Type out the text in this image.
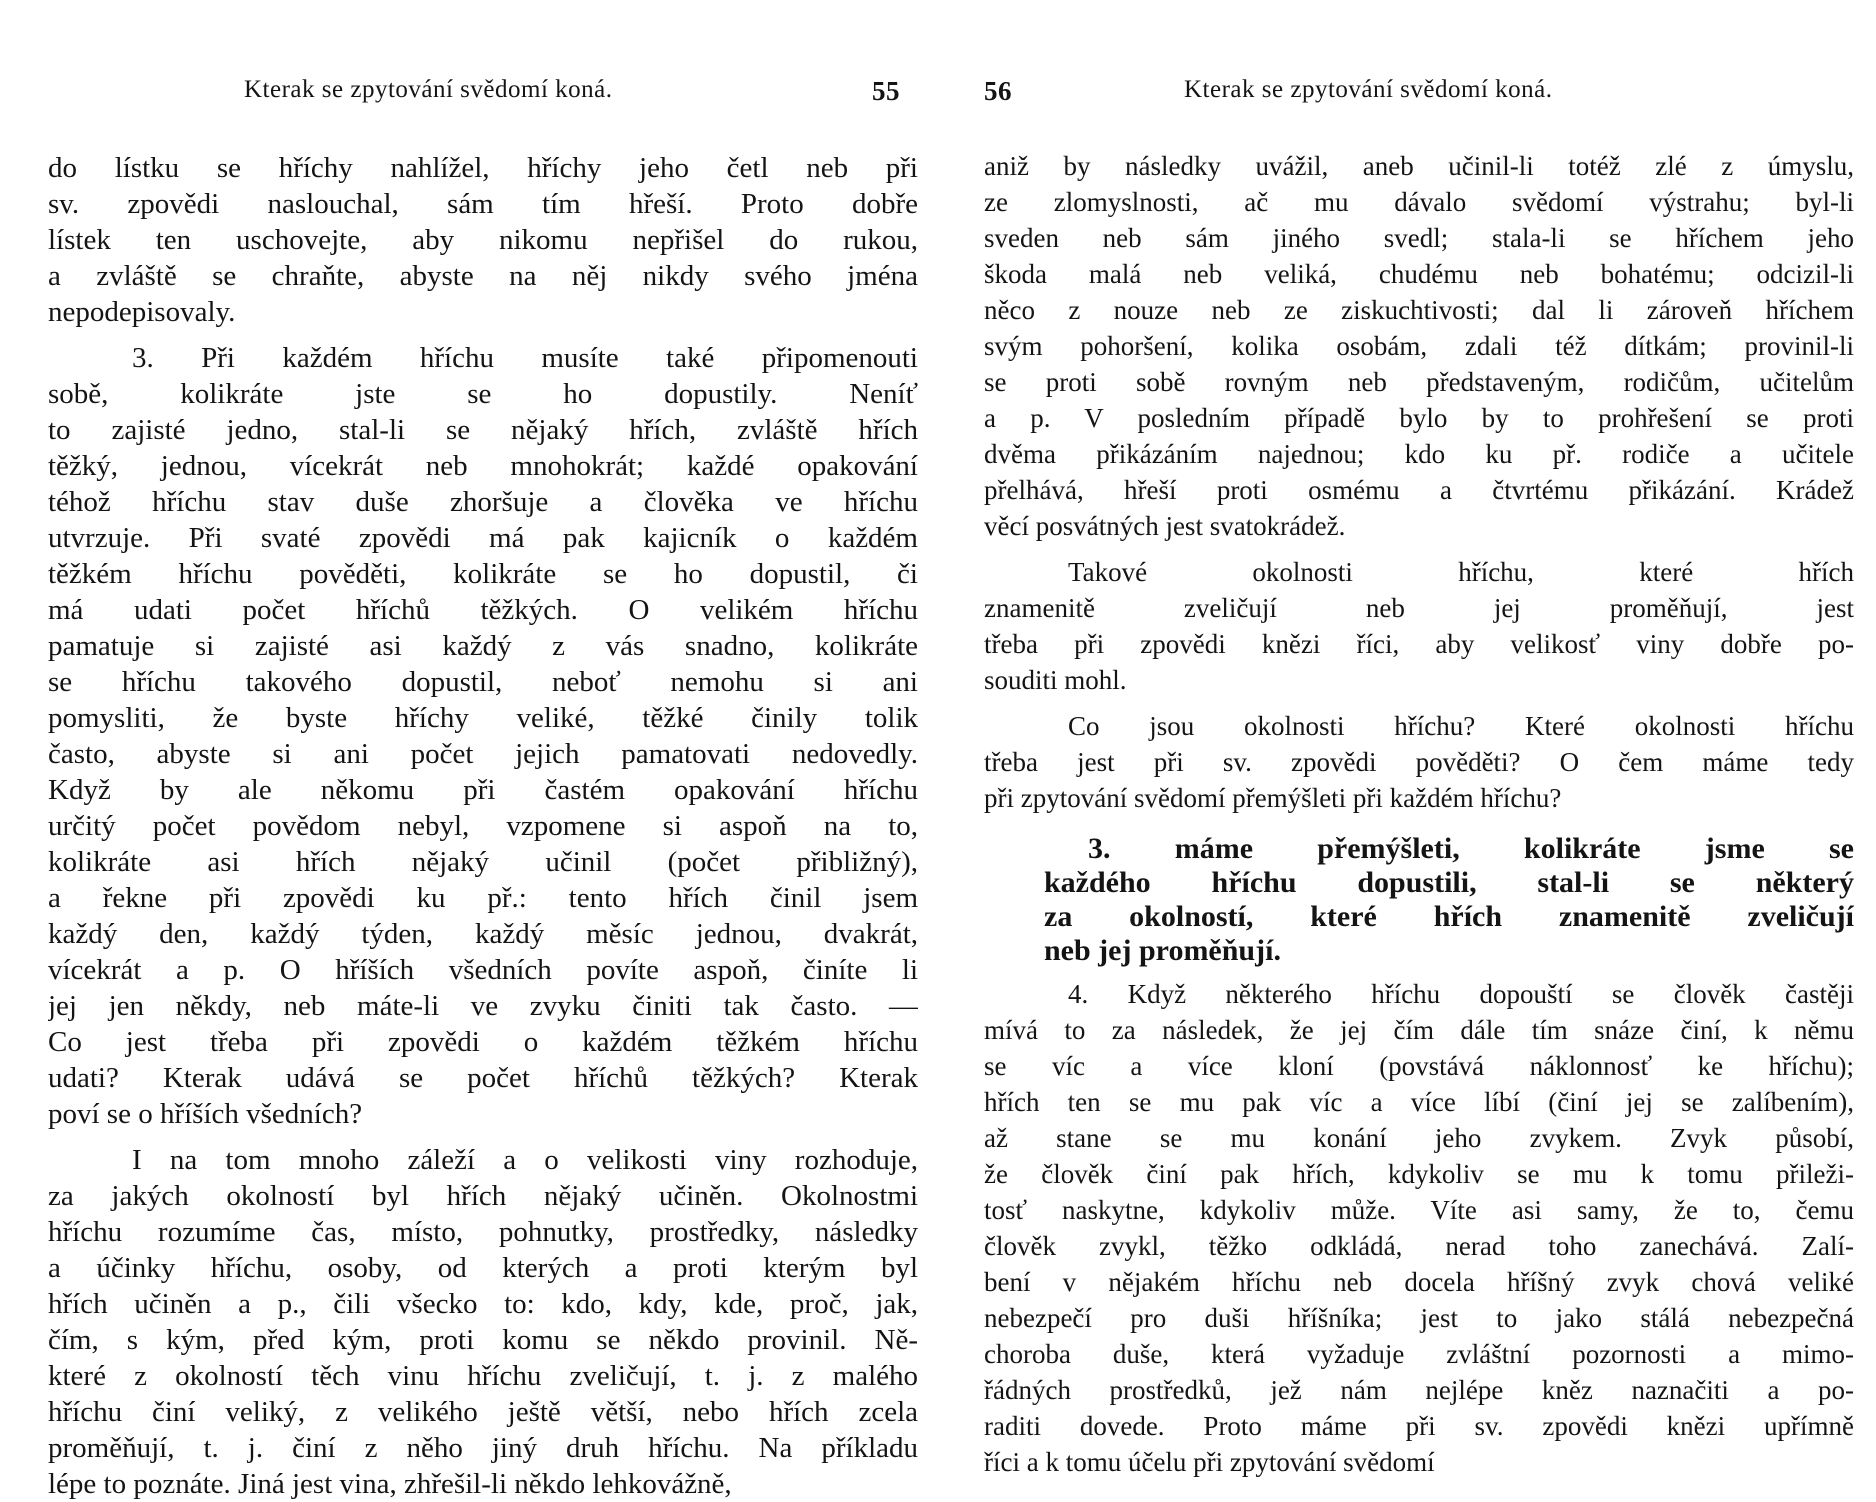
Kterak se zpytování svědomí koná.	55
do lístku se hříchy nahlížel, hříchy jeho četl neb při
sv. zpovědi naslouchal, sám tím hřeší. Proto dobře
lístek ten uschovejte, aby nikomu nepřišel do rukou,
a zvláště se chraňte, abyste na něj nikdy svého jména
nepodepisovaly.
3. Při každém hříchu musíte také připomenouti
sobě, kolikráte jste se ho dopustily. Neníť
to zajisté jedno, stal-li se nějaký hřích, zvláště hřích
těžký, jednou, vícekrát neb mnohokrát; každé opakování
téhož hříchu stav duše zhoršuje a člověka ve hříchu
utvrzuje. Při svaté zpovědi má pak kajicník o každém
těžkém hříchu pověděti, kolikráte se ho dopustil, či
má udati počet hříchů těžkých. O velikém hříchu
pamatuje si zajisté asi každý z vás snadno, kolikráte
se hříchu takového dopustil, neboť nemohu si ani
pomysliti, že byste hříchy veliké, těžké činily tolik
často, abyste si ani počet jejich pamatovati nedovedly.
Když by ale někomu při častém opakování hříchu
určitý počet povědom nebyl, vzpomene si aspoň na to,
kolikráte asi hřích nějaký učinil (počet přibližný),
a řekne při zpovědi ku př.: tento hřích činil jsem
každý den, každý týden, každý měsíc jednou, dvakrát,
vícekrát a p. O hříších všedních povíte aspoň, činíte li
jej jen někdy, neb máte-li ve zvyku činiti tak často. —
Co jest třeba při zpovědi o každém těžkém hříchu
udati? Kterak udává se počet hříchů těžkých? Kterak
poví se o hříších všedních?
I na tom mnoho záleží a o velikosti viny rozhoduje,
za jakých okolností byl hřích nějaký učiněn. Okolnostmi
hříchu rozumíme čas, místo, pohnutky, prostředky, následky
a účinky hříchu, osoby, od kterých a proti kterým byl
hřích učiněn a p., čili všecko to: kdo, kdy, kde, proč, jak,
čím, s kým, před kým, proti komu se někdo provinil. Ně-
které z okolností těch vinu hříchu zveličují, t. j. z malého
hříchu činí veliký, z velikého ještě větší, nebo hřích zcela
proměňují, t. j. činí z něho jiný druh hříchu. Na příkladu
lépe to poznáte. Jiná jest vina, zhřešil-li někdo lehkovážně,
56	Kterak se zpytování svědomí koná.
aniž by následky uvážil, aneb učinil-li totéž zlé z úmyslu,
ze zlomyslnosti, ač mu dávalo svědomí výstrahu; byl-li
sveden neb sám jiného svedl; stala-li se hříchem jeho
škoda malá neb veliká, chudému neb bohatému; odcizil-li
něco z nouze neb ze ziskuchtivosti; dal li zároveň hříchem
svým pohoršení, kolika osobám, zdali též dítkám; provinil-li
se proti sobě rovným neb představeným, rodičům, učitelům
a p. V posledním případě bylo by to prohřešení se proti
dvěma přikázáním najednou; kdo ku př. rodiče a učitele
přelhává, hřeší proti osmému a čtvrtému přikázání. Krádež
věcí posvátných jest svatokrádež.
Takové okolnosti hříchu, které hřích
znamenitě zveličují neb jej proměňují, jest
třeba při zpovědi knězi říci, aby velikosť viny dobře po-
souditi mohl.
Co jsou okolnosti hříchu? Které okolnosti hříchu
třeba jest při sv. zpovědi pověděti? O čem máme tedy
při zpytování svědomí přemýšleti při každém hříchu?
3. máme přemýšleti, kolikráte jsme se
každého hříchu dopustili, stal-li se některý
za okolností, které hřích znamenitě zveličují
neb jej proměňují.
4. Když některého hříchu dopouští se člověk častěji
mívá to za následek, že jej čím dále tím snáze činí, k němu
se víc a více kloní (povstává náklonnosť ke hříchu);
hřích ten se mu pak víc a více líbí (činí jej se zalíbením),
až stane se mu konání jeho zvykem. Zvyk působí,
že člověk činí pak hřích, kdykoliv se mu k tomu přileži-
tosť naskytne, kdykoliv může. Víte asi samy, že to, čemu
člověk zvykl, těžko odkládá, nerad toho zanechává. Zalí-
bení v nějakém hříchu neb docela hříšný zvyk chová veliké
nebezpečí pro duši hříšníka; jest to jako stálá nebezpečná
choroba duše, která vyžaduje zvláštní pozornosti a mimo-
řádných prostředků, jež nám nejlépe kněz naznačiti a po-
raditi dovede. Proto máme při sv. zpovědi knězi upřímně
říci a k tomu účelu při zpytování svědomí
